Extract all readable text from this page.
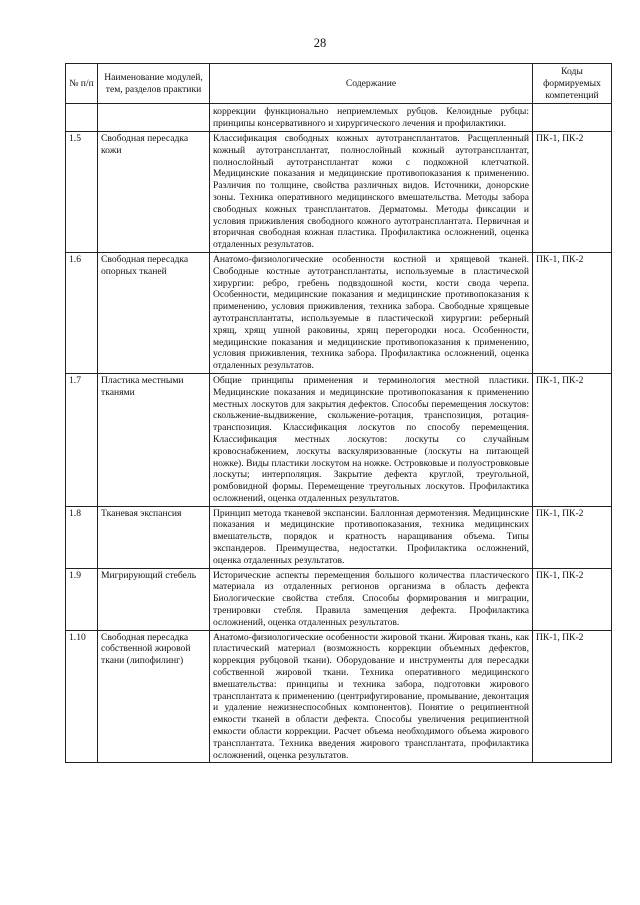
28
№ п/п	Наименование модулей, тем, разделов практики	Содержание	Коды формируемых компетенций
		коррекции функционально неприемлемых рубцов. Келоидные рубцы: принципы консервативного и хирургического лечения и профилактики.	
1.5	Свободная пересадка кожи	Классификация свободных кожных аутотрансплантатов. Расщепленный кожный аутотрансплантат, полнослойный кожный аутотрансплантат, полнослойный аутотрансплантат кожи с подкожной клетчаткой. Медицинские показания и медицинские противопоказания к применению. Различия по толщине, свойства различных видов. Источники, донорские зоны. Техника оперативного медицинского вмешательства. Методы забора свободных кожных трансплантатов. Дерматомы. Методы фиксации и условия приживления свободного кожного аутотрансплантата. Первичная и вторичная свободная кожная пластика. Профилактика осложнений, оценка отдаленных результатов.	ПК-1, ПК-2
1.6	Свободная пересадка опорных тканей	Анатомо-физиологические особенности костной и хрящевой тканей. Свободные костные аутотрансплантаты, используемые в пластической хирургии: ребро, гребень подвздошной кости, кости свода черепа. Особенности, медицинские показания и медицинские противопоказания к применению, условия приживления, техника забора. Свободные хрящевые аутотрансплантаты, используемые в пластической хирургии: реберный хрящ, хрящ ушной раковины, хрящ перегородки носа. Особенности, медицинские показания и медицинские противопоказания к применению, условия приживления, техника забора. Профилактика осложнений, оценка отдаленных результатов.	ПК-1, ПК-2
1.7	Пластика местными тканями	Общие принципы применения и терминология местной пластики. Медицинские показания и медицинские противопоказания к применению местных лоскутов для закрытия дефектов. Способы перемещения лоскутов: скольжение-выдвижение, скольжение-ротация, транспозиция, ротация-транспозиция. Классификация лоскутов по способу перемещения. Классификация местных лоскутов: лоскуты со случайным кровоснабжением, лоскуты васкуляризованные (лоскуты на питающей ножке). Виды пластики лоскутом на ножке. Островковые и полуостровковые лоскуты; интерполяция. Закрытие дефекта круглой, треугольной, ромбовидной формы. Перемещение треугольных лоскутов. Профилактика осложнений, оценка отдаленных результатов.	ПК-1, ПК-2
1.8	Тканевая экспансия	Принцип метода тканевой экспансии. Баллонная дермотензия. Медицинские показания и медицинские противопоказания, техника медицинских вмешательств, порядок и кратность наращивания объема. Типы экспандеров. Преимущества, недостатки. Профилактика осложнений, оценка отдаленных результатов.	ПК-1, ПК-2
1.9	Мигрирующий стебель	Исторические аспекты перемещения большого количества пластического материала из отдаленных регионов организма в область дефекта Биологические свойства стебля. Способы формирования и миграции, тренировки стебля. Правила замещения дефекта. Профилактика осложнений, оценка отдаленных результатов.	ПК-1, ПК-2
1.10	Свободная пересадка собственной жировой ткани (липофилинг)	Анатомо-физиологические особенности жировой ткани. Жировая ткань, как пластический материал (возможность коррекции объемных дефектов, коррекция рубцовой ткани). Оборудование и инструменты для пересадки собственной жировой ткани. Техника оперативного медицинского вмешательства: принципы и техника забора, подготовки жирового трансплантата к применению (центрифугирование, промывание, деконтация и удаление нежизнеспособных компонентов). Понятие о реципиентной емкости тканей в области дефекта. Способы увеличения реципиентной емкости области коррекции. Расчет объема необходимого объема жирового трансплантата. Техника введения жирового трансплантата, профилактика осложнений, оценка результатов.	ПК-1, ПК-2
